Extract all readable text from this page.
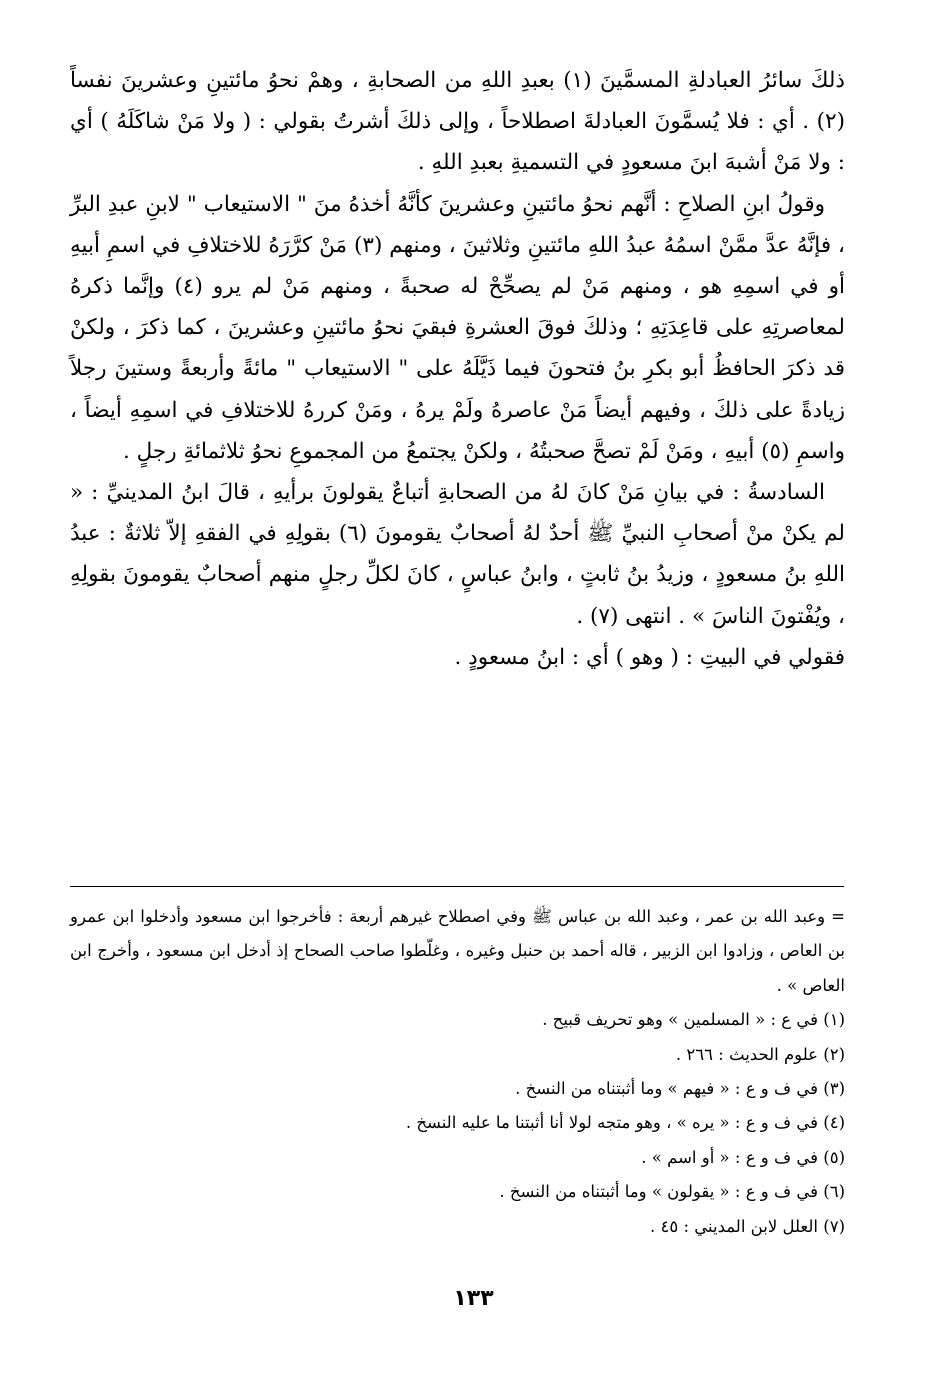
ذلكَ سائرُ العبادلةِ المسمَّينَ (١) بعبدِ اللهِ من الصحابةِ ، وهمْ نحوُ مائتينِ وعشرينَ نفساً (٢) . أي : فلا يُسمَّونَ العبادلةَ اصطلاحاً ، وإلى ذلكَ أشرتُ بقولي : ( ولا مَنْ شاكَلَهُ ) أي : ولا مَنْ أشبهَ ابنَ مسعودٍ في التسميةِ بعبدِ اللهِ .

وقولُ ابنِ الصلاحِ : أنَّهم نحوُ مائتينِ وعشرينَ كأنَّهُ أخذهُ منَ " الاستيعاب " لابنِ عبدِ البرِّ ، فإنَّهُ عدَّ ممَّنْ اسمُهُ عبدُ اللهِ مائتينِ وثلاثينَ ، ومنهم (٣) مَنْ كرَّرَهُ للاختلافِ في اسمِ أبيهِ أو في اسمِهِ هو ، ومنهم مَنْ لم يصحِّحْ له صحبةً ، ومنهم مَنْ لم يرو (٤) وإنَّما ذكرهُ لمعاصرتِهِ على قاعِدَتِهِ ؛ وذلكَ فوقَ العشرةِ فبقيَ نحوُ مائتينِ وعشرينَ ، كما ذكرَ ، ولكنْ قد ذكرَ الحافظُ أبو بكرِ بنُ فتحونَ فيما ذَيَّلَهُ على " الاستيعاب " مائةً وأربعةً وستينَ رجلاً زيادةً على ذلكَ ، وفيهم أيضاً مَنْ عاصرهُ ولَمْ يرهُ ، ومَنْ كررهُ للاختلافِ في اسمِهِ أيضاً ، واسمِ (٥) أبيهِ ، ومَنْ لَمْ تصحَّ صحبتُهُ ، ولكنْ يجتمعُ من المجموعِ نحوُ ثلاثمائةِ رجلٍ .

السادسةُ : في بيانِ مَنْ كانَ لهُ من الصحابةِ أتباعٌ يقولونَ برأيهِ ، قالَ ابنُ المدينيِّ : « لم يكنْ منْ أصحابِ النبيِّ ﷺ أحدٌ لهُ أصحابٌ يقومونَ (٦) بقولِهِ في الفقهِ إلاّ ثلاثةٌ : عبدُ اللهِ بنُ مسعودٍ ، وزيدُ بنُ ثابتٍ ، وابنُ عباسٍ ، كانَ لكلِّ رجلٍ منهم أصحابٌ يقومونَ بقولِهِ ، ويُفْتونَ الناسَ » . انتهى (٧) .

فقولي في البيتِ : ( وهو ) أي : ابنُ مسعودٍ .

= وعبد الله بن عمر ، وعبد الله بن عباس ﷺ وفي اصطلاح غيرهم أربعة : فأخرجوا ابن مسعود وأدخلوا ابن عمرو بن العاص ، وزادوا ابن الزبير ، قاله أحمد بن حنبل وغيره ، وغلّطوا صاحب الصحاح إذ أدخل ابن مسعود ، وأخرج ابن العاص » .

(١) في ع : « المسلمين » وهو تحريف قبيح .

(٢) علوم الحديث : ٢٦٦ .

(٣) في ف و ع : « فيهم » وما أثبتناه من النسخ .

(٤) في ف و ع : « يره » ، وهو متجه لولا أنا أثبتنا ما عليه النسخ .

(٥) في ف و ع : « أو اسم » .

(٦) في ف و ع : « يقولون » وما أثبتناه من النسخ .

(٧) العلل لابن المديني : ٤٥ .

١٣٣
